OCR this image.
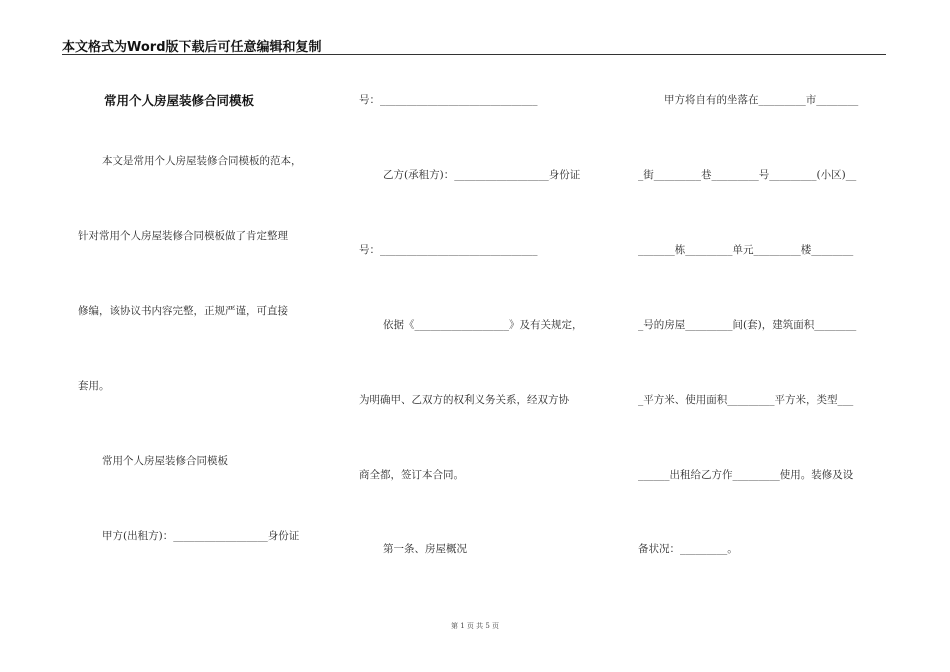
本文格式为Word版下载后可任意编辑和复制
常用个人房屋装修合同模板
本文是常用个人房屋装修合同模板的范本，
针对常用个人房屋装修合同模板做了肯定整理
修编，该协议书内容完整，正规严谨，可直接
套用。
常用个人房屋装修合同模板
甲方(出租方)：__________________身份证
号：______________________________
乙方(承租方)：__________________身份证
号：______________________________
依据《__________________》及有关规定，
为明确甲、乙双方的权利义务关系，经双方协
商全都，签订本合同。
第一条、房屋概况
甲方将自有的坐落在_________市________
_街_________巷_________号_________(小区)__
_______栋_________单元_________楼________
_号的房屋_________间(套)，建筑面积________
_平方米、使用面积_________平方米，类型___
______出租给乙方作_________使用。装修及设
备状况：_________。
第 1 页 共 5 页
